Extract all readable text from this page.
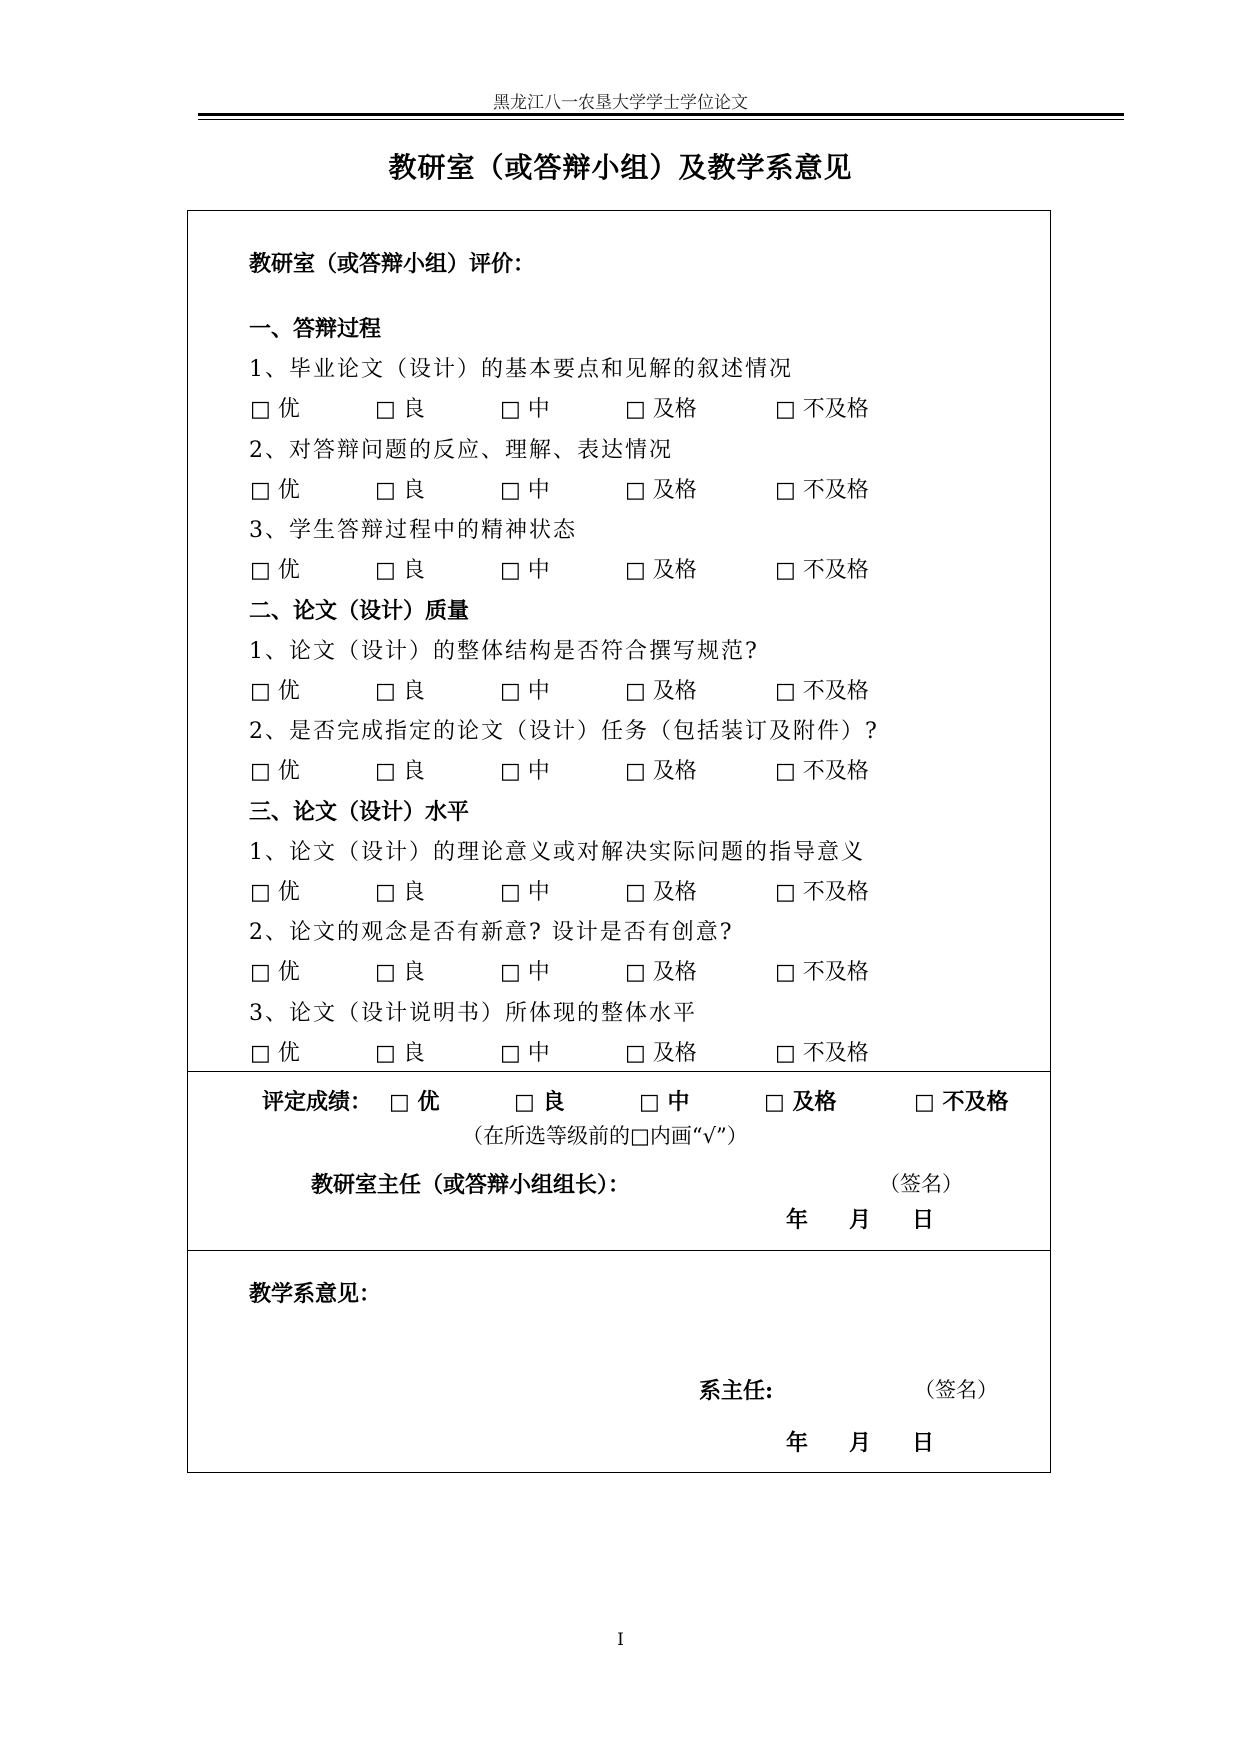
黑龙江八一农垦大学学士学位论文
教研室（或答辩小组）及教学系意见
教研室（或答辩小组）评价：
一、答辩过程
1、毕业论文（设计）的基本要点和见解的叙述情况
□ 优	□ 良	□ 中	□ 及格	□ 不及格
2、对答辩问题的反应、理解、表达情况
□ 优	□ 良	□ 中	□ 及格	□ 不及格
3、学生答辩过程中的精神状态
□ 优	□ 良	□ 中	□ 及格	□ 不及格
二、论文（设计）质量
1、论文（设计）的整体结构是否符合撰写规范?
□ 优	□ 良	□ 中	□ 及格	□ 不及格
2、是否完成指定的论文（设计）任务（包括装订及附件）?
□ 优	□ 良	□ 中	□ 及格	□ 不及格
三、论文（设计）水平
1、论文（设计）的理论意义或对解决实际问题的指导意义
□ 优	□ 良	□ 中	□ 及格	□ 不及格
2、论文的观念是否有新意? 设计是否有创意?
□ 优	□ 良	□ 中	□ 及格	□ 不及格
3、论文（设计说明书）所体现的整体水平
□ 优	□ 良	□ 中	□ 及格	□ 不及格
评定成绩： □ 优	□ 良	□ 中	□ 及格	□ 不及格
（在所选等级前的□内画“√”）
教研室主任（或答辩小组组长）：	（签名）
年 月 日
教学系意见：
系主任:	（签名）
年 月 日
I
